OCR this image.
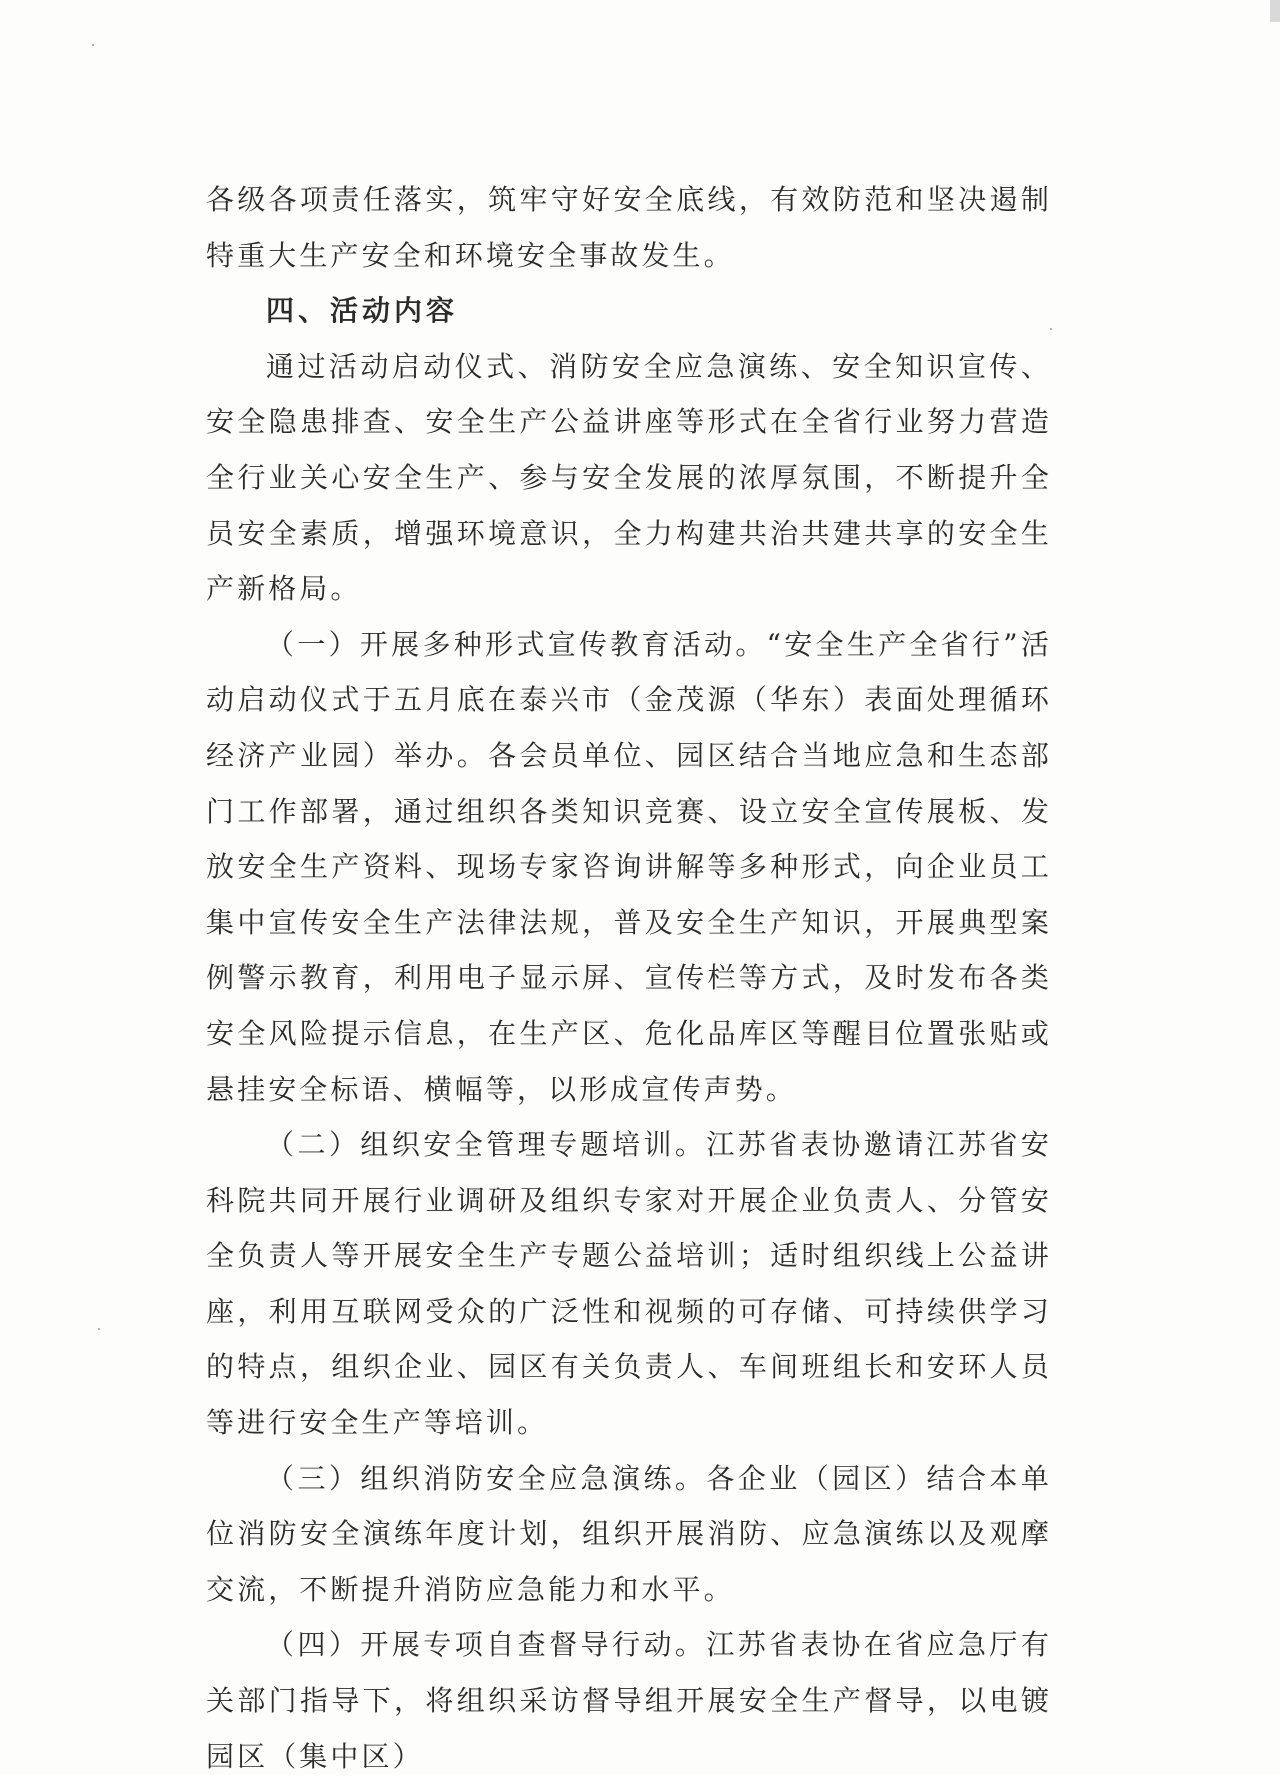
各级各项责任落实，筑牢守好安全底线，有效防范和坚决遏制特重大生产安全和环境安全事故发生。

四、活动内容

通过活动启动仪式、消防安全应急演练、安全知识宣传、安全隐患排查、安全生产公益讲座等形式在全省行业努力营造全行业关心安全生产、参与安全发展的浓厚氛围，不断提升全员安全素质，增强环境意识，全力构建共治共建共享的安全生产新格局。

（一）开展多种形式宣传教育活动。“安全生产全省行”活动启动仪式于五月底在泰兴市（金茂源（华东）表面处理循环经济产业园）举办。各会员单位、园区结合当地应急和生态部门工作部署，通过组织各类知识竞赛、设立安全宣传展板、发放安全生产资料、现场专家咨询讲解等多种形式，向企业员工集中宣传安全生产法律法规，普及安全生产知识，开展典型案例警示教育，利用电子显示屏、宣传栏等方式，及时发布各类安全风险提示信息，在生产区、危化品库区等醒目位置张贴或悬挂安全标语、横幅等，以形成宣传声势。

（二）组织安全管理专题培训。江苏省表协邀请江苏省安科院共同开展行业调研及组织专家对开展企业负责人、分管安全负责人等开展安全生产专题公益培训；适时组织线上公益讲座，利用互联网受众的广泛性和视频的可存储、可持续供学习的特点，组织企业、园区有关负责人、车间班组长和安环人员等进行安全生产等培训。

（三）组织消防安全应急演练。各企业（园区）结合本单位消防安全演练年度计划，组织开展消防、应急演练以及观摩交流，不断提升消防应急能力和水平。

（四）开展专项自查督导行动。江苏省表协在省应急厅有关部门指导下，将组织采访督导组开展安全生产督导，以电镀园区（集中区）
